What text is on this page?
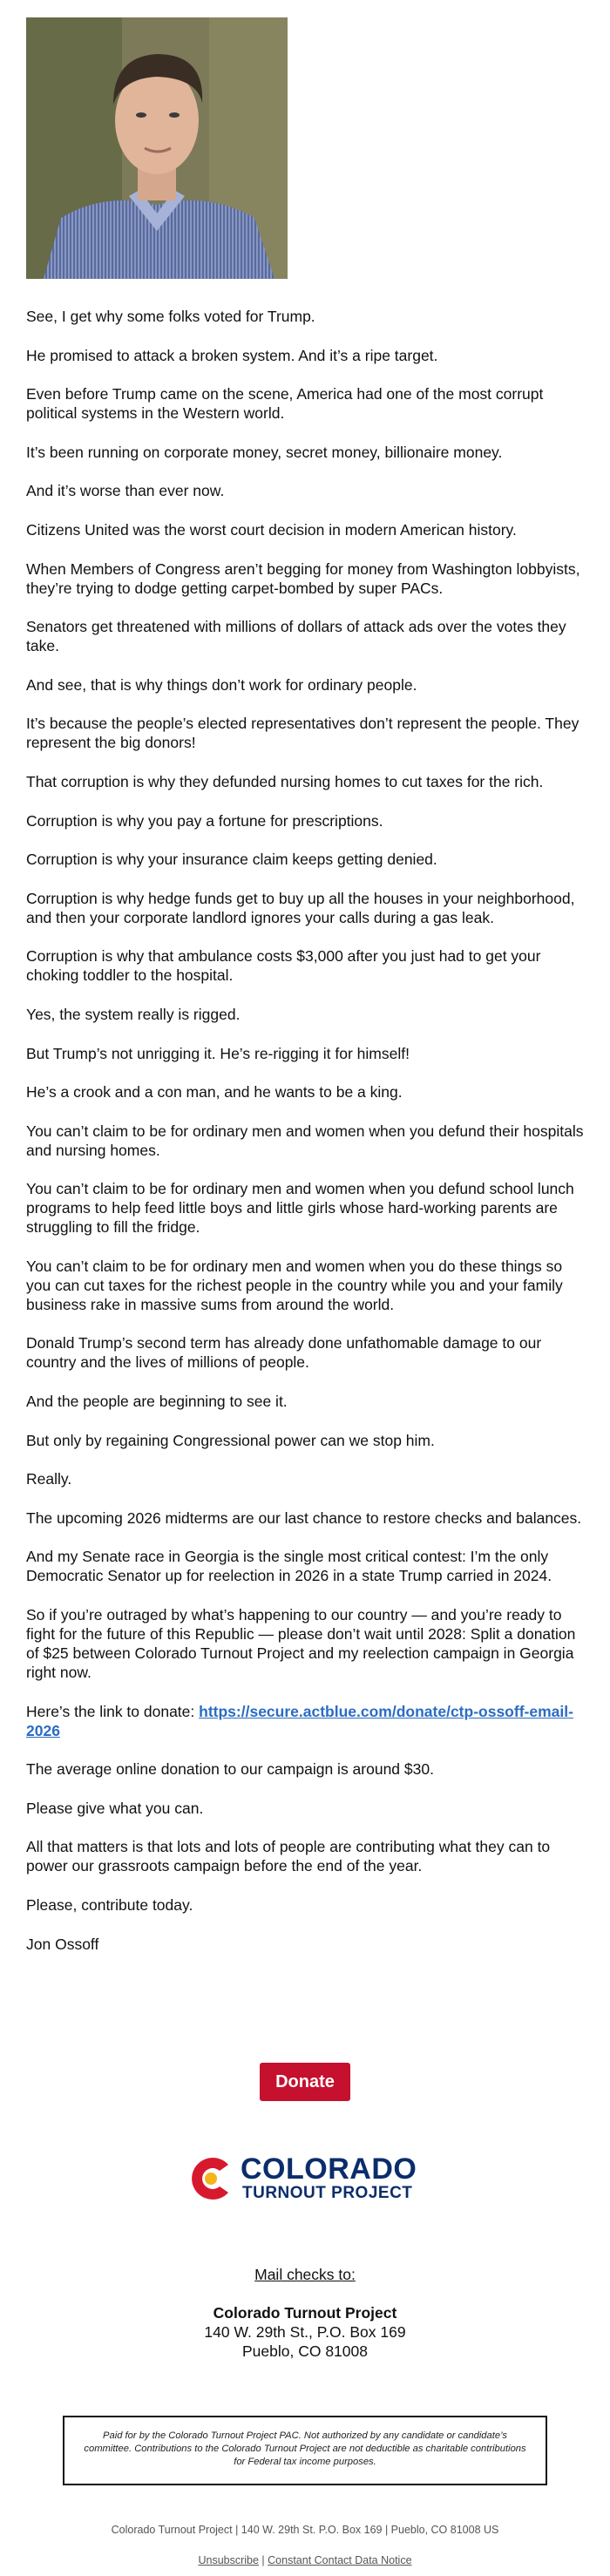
See, I get why some folks voted for Trump.

He promised to attack a broken system. And it’s a ripe target.

Even before Trump came on the scene, America had one of the most corrupt political systems in the Western world.

It’s been running on corporate money, secret money, billionaire money.

And it’s worse than ever now.

Citizens United was the worst court decision in modern American history.

When Members of Congress aren’t begging for money from Washington lobbyists, they’re trying to dodge getting carpet-bombed by super PACs.

Senators get threatened with millions of dollars of attack ads over the votes they take.

And see, that is why things don’t work for ordinary people.

It’s because the people’s elected representatives don’t represent the people. They represent the big donors!

That corruption is why they defunded nursing homes to cut taxes for the rich.

Corruption is why you pay a fortune for prescriptions.

Corruption is why your insurance claim keeps getting denied.

Corruption is why hedge funds get to buy up all the houses in your neighborhood, and then your corporate landlord ignores your calls during a gas leak.

Corruption is why that ambulance costs $3,000 after you just had to get your choking toddler to the hospital.

Yes, the system really is rigged.

But Trump’s not unrigging it. He’s re-rigging it for himself!

He’s a crook and a con man, and he wants to be a king.

You can’t claim to be for ordinary men and women when you defund their hospitals and nursing homes.

You can’t claim to be for ordinary men and women when you defund school lunch programs to help feed little boys and little girls whose hard-working parents are struggling to fill the fridge.

You can’t claim to be for ordinary men and women when you do these things so you can cut taxes for the richest people in the country while you and your family business rake in massive sums from around the world.

Donald Trump’s second term has already done unfathomable damage to our country and the lives of millions of people.

And the people are beginning to see it.

But only by regaining Congressional power can we stop him.

Really.

The upcoming 2026 midterms are our last chance to restore checks and balances.

And my Senate race in Georgia is the single most critical contest: I’m the only Democratic Senator up for reelection in 2026 in a state Trump carried in 2024.

So if you’re outraged by what’s happening to our country — and you’re ready to fight for the future of this Republic — please don’t wait until 2028: Split a donation of $25 between Colorado Turnout Project and my reelection campaign in Georgia right now.

Here’s the link to donate: https://secure.actblue.com/donate/ctp-ossoff-email-2026

The average online donation to our campaign is around $30.

Please give what you can.

All that matters is that lots and lots of people are contributing what they can to power our grassroots campaign before the end of the year.

Please, contribute today.

Jon Ossoff

Donate
COLORADO
TURNOUT PROJECT
Mail checks to:
Colorado Turnout Project
140 W. 29th St., P.O. Box 169
Pueblo, CO 81008
Paid for by the Colorado Turnout Project PAC. Not authorized by any candidate or candidate’s committee. Contributions to the Colorado Turnout Project are not deductible as charitable contributions for Federal tax income purposes.
Colorado Turnout Project | 140 W. 29th St. P.O. Box 169 | Pueblo, CO 81008 US
Unsubscribe | Constant Contact Data Notice
